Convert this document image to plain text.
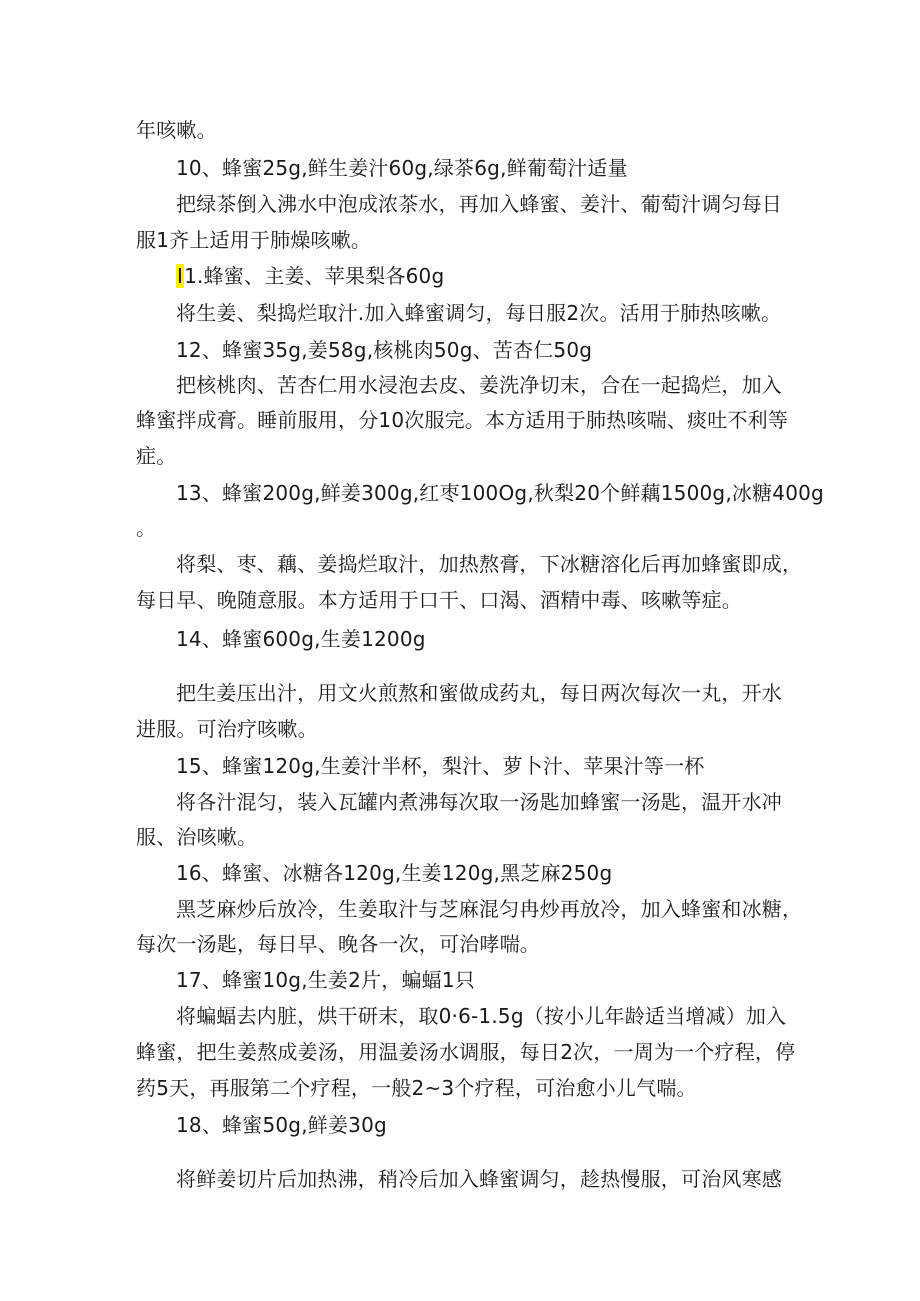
年咳嗽。
10、蜂蜜25g,鲜生姜汁60g,绿茶6g,鲜葡萄汁适量
把绿茶倒入沸水中泡成浓茶水，再加入蜂蜜、姜汁、葡萄汁调匀每日
服1齐上适用于肺燥咳嗽。
I1.蜂蜜、主姜、苹果梨各60g
将生姜、梨捣烂取汁.加入蜂蜜调匀，每日服2次。活用于肺热咳嗽。
12、蜂蜜35g,姜58g,核桃肉50g、苦杏仁50g
把核桃肉、苦杏仁用水浸泡去皮、姜洗净切末，合在一起捣烂，加入
蜂蜜拌成膏。睡前服用，分10次服完。本方适用于肺热咳喘、痰吐不利等
症。
13、蜂蜜200g,鲜姜300g,红枣100Og,秋梨20个鲜藕1500g,冰糖400g
。
将梨、枣、藕、姜捣烂取汁，加热熬膏，下冰糖溶化后再加蜂蜜即成，
每日早、晚随意服。本方适用于口干、口渴、酒精中毒、咳嗽等症。
14、蜂蜜600g,生姜1200g
把生姜压出汁，用文火煎熬和蜜做成药丸，每日两次每次一丸，开水
进服。可治疗咳嗽。
15、蜂蜜120g,生姜汁半杯，梨汁、萝卜汁、苹果汁等一杯
将各汁混匀，装入瓦罐内煮沸每次取一汤匙加蜂蜜一汤匙，温开水冲
服、治咳嗽。
16、蜂蜜、冰糖各120g,生姜120g,黑芝麻250g
黑芝麻炒后放冷，生姜取汁与芝麻混匀冉炒再放冷，加入蜂蜜和冰糖，
每次一汤匙，每日早、晚各一次，可治哮喘。
17、蜂蜜10g,生姜2片，蝙蝠1只
将蝙蝠去内脏，烘干研末，取0·6-1.5g（按小儿年龄适当增减）加入
蜂蜜，把生姜熬成姜汤，用温姜汤水调服，每日2次，一周为一个疗程，停
药5天，再服第二个疗程，一般2~3个疗程，可治愈小儿气喘。
18、蜂蜜50g,鲜姜30g
将鲜姜切片后加热沸，稍冷后加入蜂蜜调匀，趁热慢服，可治风寒感
